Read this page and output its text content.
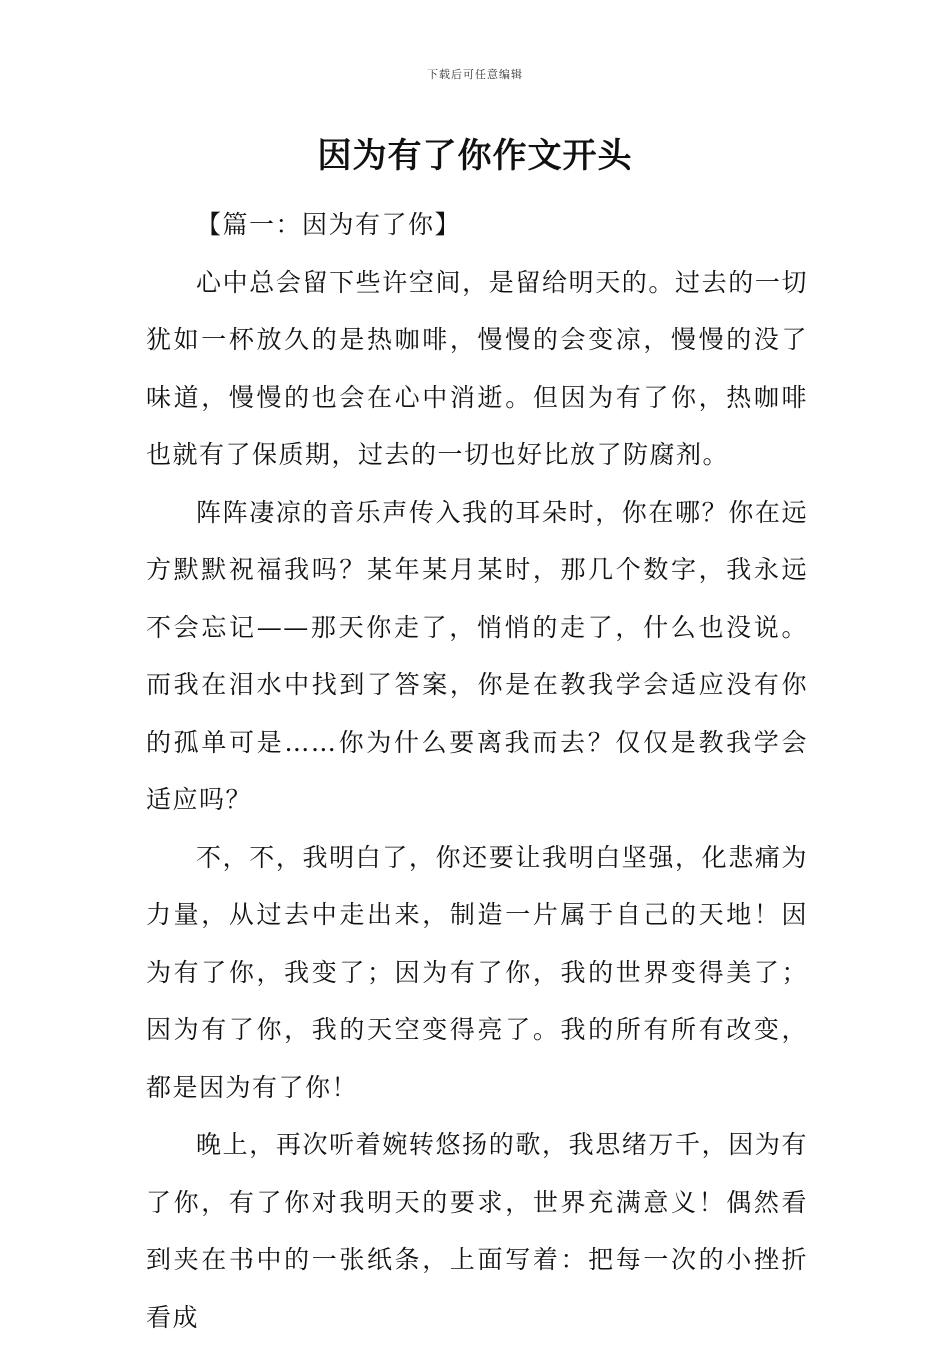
下载后可任意编辑
因为有了你作文开头

【篇一：因为有了你】

心中总会留下些许空间，是留给明天的。过去的一切犹如一杯放久的是热咖啡，慢慢的会变凉，慢慢的没了味道，慢慢的也会在心中消逝。但因为有了你，热咖啡也就有了保质期，过去的一切也好比放了防腐剂。

阵阵凄凉的音乐声传入我的耳朵时，你在哪？你在远方默默祝福我吗？某年某月某时，那几个数字，我永远不会忘记——那天你走了，悄悄的走了，什么也没说。而我在泪水中找到了答案，你是在教我学会适应没有你的孤单可是……你为什么要离我而去？仅仅是教我学会适应吗？

不，不，我明白了，你还要让我明白坚强，化悲痛为力量，从过去中走出来，制造一片属于自己的天地！因为有了你，我变了；因为有了你，我的世界变得美了；因为有了你，我的天空变得亮了。我的所有所有改变，都是因为有了你！

晚上，再次听着婉转悠扬的歌，我思绪万千，因为有了你，有了你对我明天的要求，世界充满意义！偶然看到夹在书中的一张纸条，上面写着：把每一次的小挫折看成
